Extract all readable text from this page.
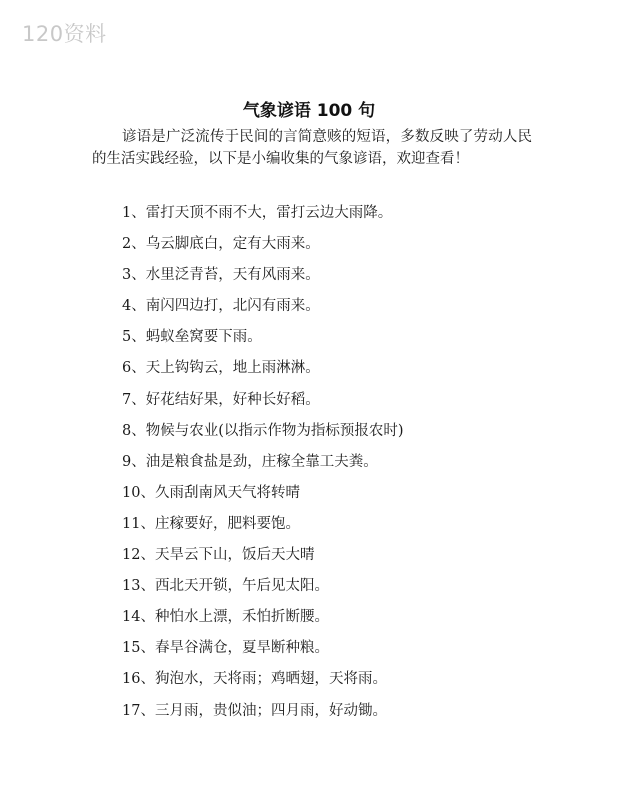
120资料
气象谚语 100 句

谚语是广泛流传于民间的言简意赅的短语，多数反映了劳动人民的生活实践经验，以下是小编收集的气象谚语，欢迎查看！

1、雷打天顶不雨不大，雷打云边大雨降。
2、乌云脚底白，定有大雨来。
3、水里泛青苔，天有风雨来。
4、南闪四边打，北闪有雨来。
5、蚂蚁垒窝要下雨。
6、天上钩钩云，地上雨淋淋。
7、好花结好果，好种长好稻。
8、物候与农业(以指示作物为指标预报农时)
9、油是粮食盐是劲，庄稼全靠工夫粪。
10、久雨刮南风天气将转晴
11、庄稼要好，肥料要饱。
12、天旱云下山，饭后天大晴
13、西北天开锁，午后见太阳。
14、种怕水上漂，禾怕折断腰。
15、春旱谷满仓，夏旱断种粮。
16、狗泡水，天将雨；鸡晒翅，天将雨。
17、三月雨，贵似油；四月雨，好动锄。
